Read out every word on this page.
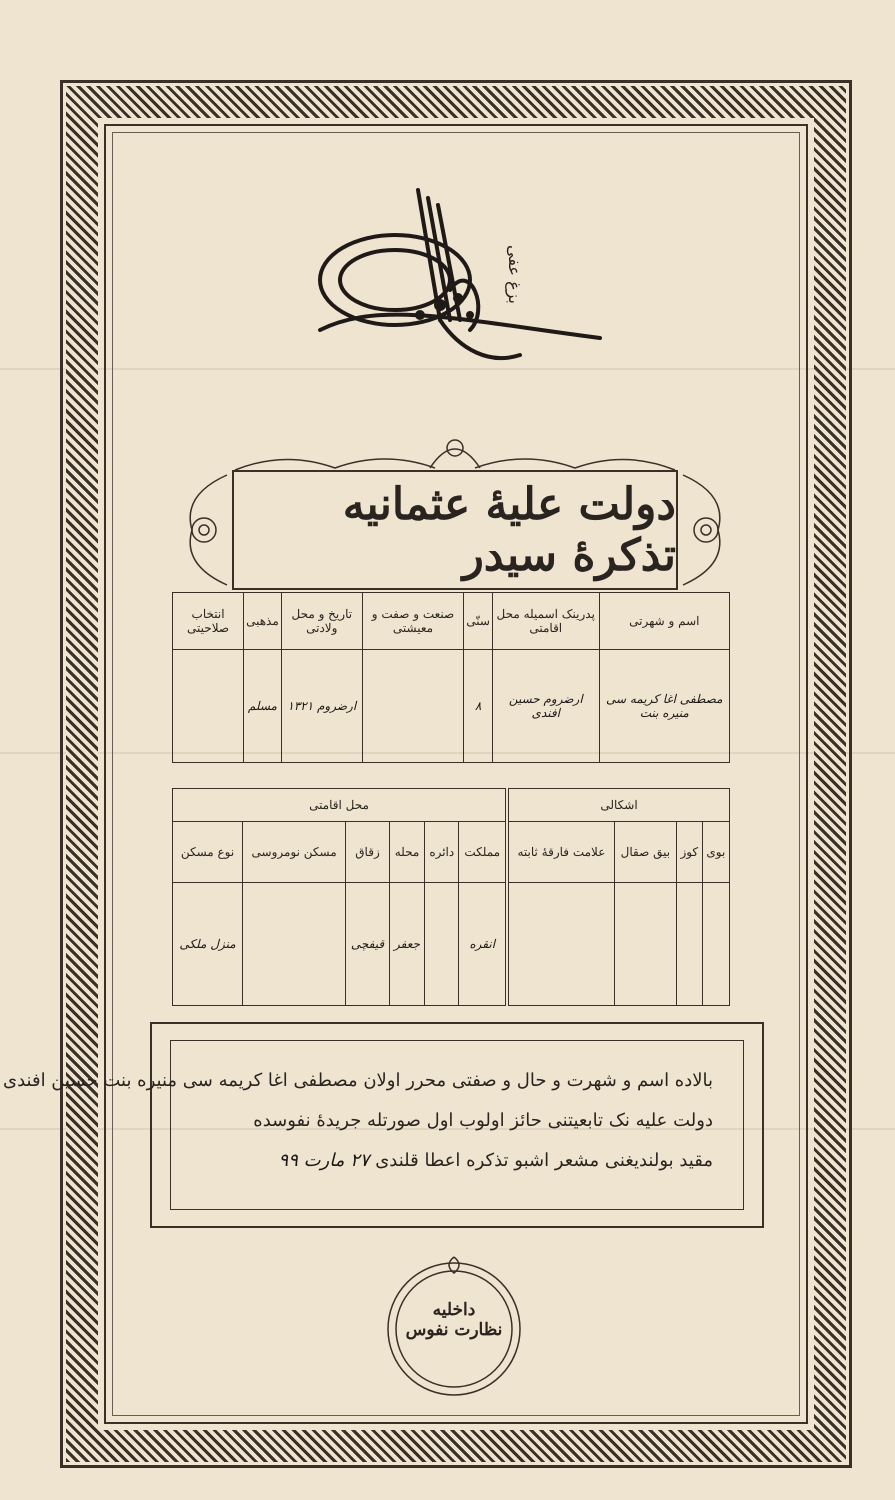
بزغ عفی
دولت علیهٔ عثمانیه تذکرهٔ سیدر
اسم و شهرتی	پدرینک اسمیله محل اقامتی	سنّی	صنعت و صفت و معیشتی	تاریخ و محل ولادتی	مذهبی	انتخاب صلاحیتی
مصطفی اغا کریمه سی منیره بنت	ارضروم حسین افندی	٨		ارضروم ١٣٢١	مسلم	
اشکالی			
بوی	کوز	بیق صقال	علامت فارقهٔ ثابته

محل اقامتی					
مملکت	دائره	محله	زقاق	مسکن نومروسی	نوع مسکن
انقره		جعفر	قیفچی		منزل ملکی
بالاده اسم و شهرت و حال و صفتی محرر اولان مصطفی اغا کریمه سی منیره بنت حسین افندی
دولت علیه نک تابعیتنی حائز اولوب اول صورتله جریدهٔ نفوسده
مقید بولندیغنی مشعر اشبو تذکره اعطا قلندی ٢٧ مارت ٩٩
داخلیه
نظارت نفوس
